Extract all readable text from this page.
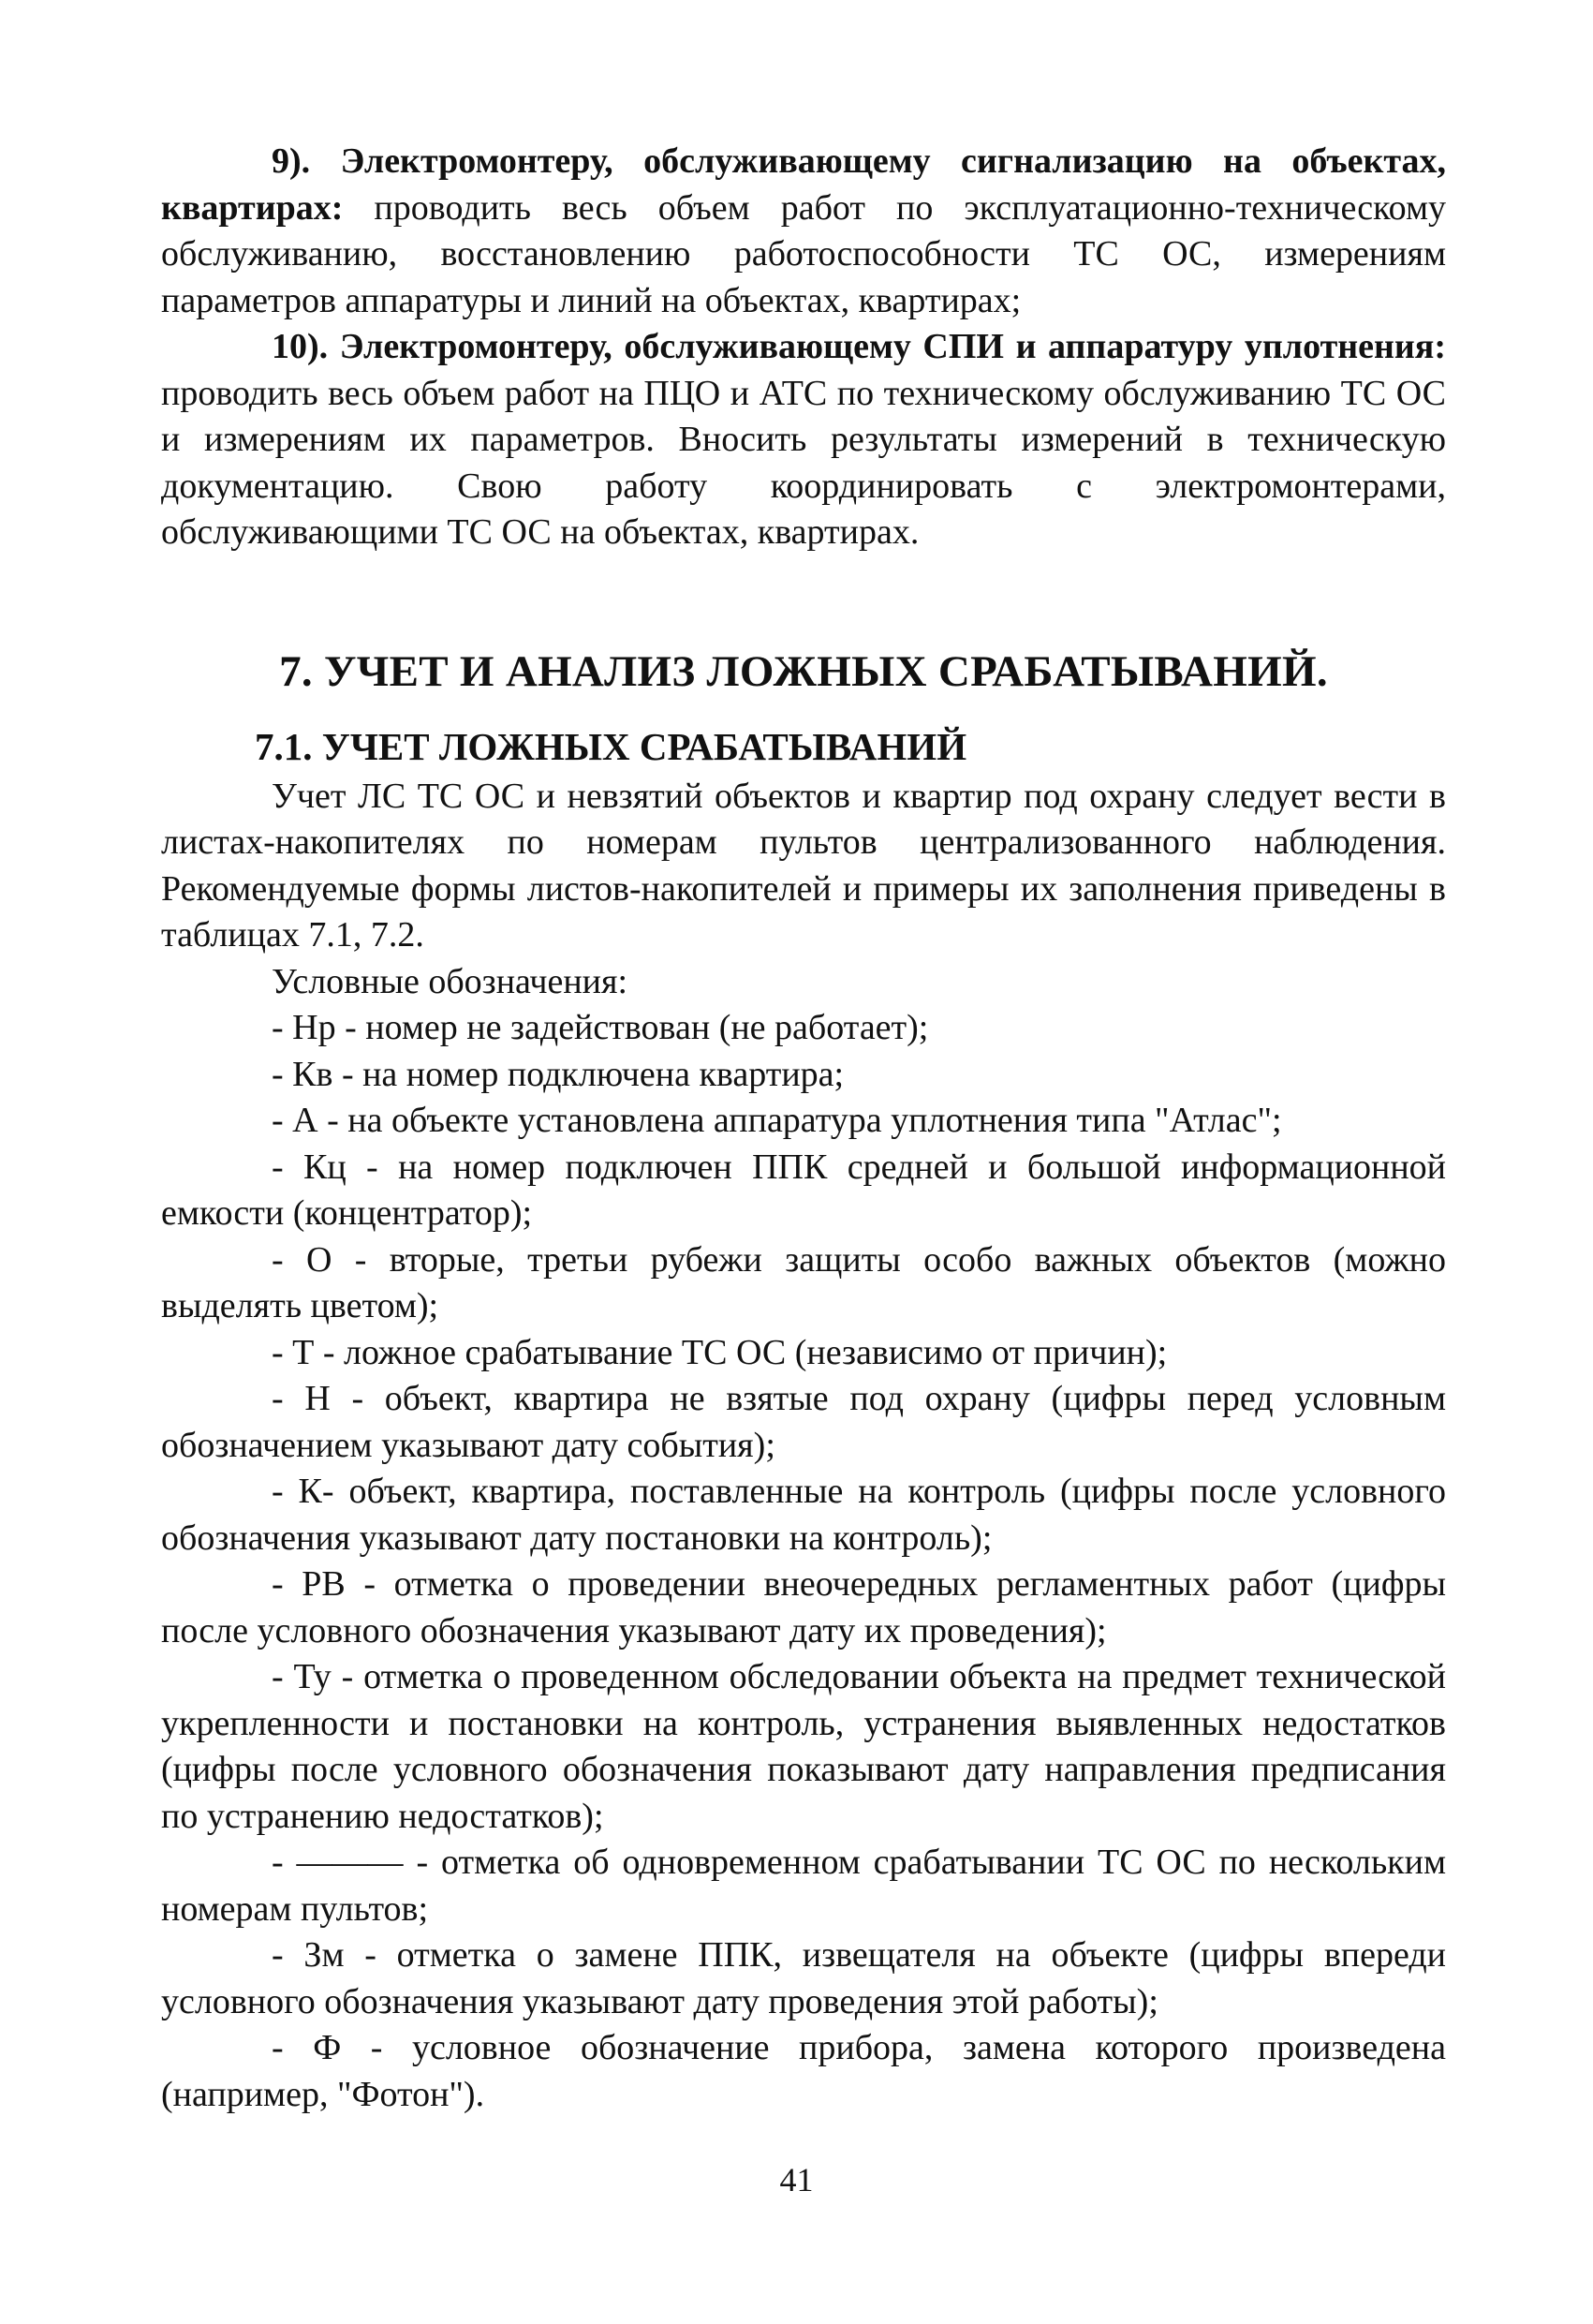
9). Электромонтеру, обслуживающему сигнализацию на объектах, квартирах: проводить весь объем работ по эксплуатационно-техническому обслуживанию, восстановлению работоспособности ТС ОС, измерениям параметров аппаратуры и линий на объектах, квартирах;

10). Электромонтеру, обслуживающему СПИ и аппаратуру уплотнения: проводить весь объем работ на ПЦО и АТС по техническому обслуживанию ТС ОС и измерениям их параметров. Вносить результаты измерений в техническую документацию. Свою работу координировать с электромонтерами, обслуживающими ТС ОС на объектах, квартирах.

7. УЧЕТ И АНАЛИЗ ЛОЖНЫХ СРАБАТЫВАНИЙ.
7.1. УЧЕТ ЛОЖНЫХ СРАБАТЫВАНИЙ

Учет ЛС ТС ОС и невзятий объектов и квартир под охрану следует вести в листах-накопителях по номерам пультов централизованного наблюдения. Рекомендуемые формы листов-накопителей и примеры их заполнения приведены в таблицах 7.1, 7.2.

Условные обозначения:

- Нр - номер не задействован (не работает);

- Кв - на номер подключена квартира;

- А - на объекте установлена аппаратура уплотнения типа "Атлас";

- Кц - на номер подключен ППК средней и большой информационной емкости (концентратор);

- О - вторые, третьи рубежи защиты особо важных объектов (можно выделять цветом);

- Т - ложное срабатывание ТС ОС (независимо от причин);

- Н - объект, квартира не взятые под охрану (цифры перед условным обозначением указывают дату события);

- К- объект, квартира, поставленные на контроль (цифры после условного обозначения указывают дату постановки на контроль);

- РВ - отметка о проведении внеочередных регламентных работ (цифры после условного обозначения указывают дату их проведения);

- Ту - отметка о проведенном обследовании объекта на предмет технической укрепленности и постановки на контроль, устранения выявленных недостатков (цифры после условного обозначения показывают дату направления предписания по устранению недостатков);

- ——— - отметка об одновременном срабатывании ТС ОС по нескольким номерам пультов;

- Зм - отметка о замене ППК, извещателя на объекте (цифры впереди условного обозначения указывают дату проведения этой работы);

- Ф - условное обозначение прибора, замена которого произведена (например, "Фотон").

41
